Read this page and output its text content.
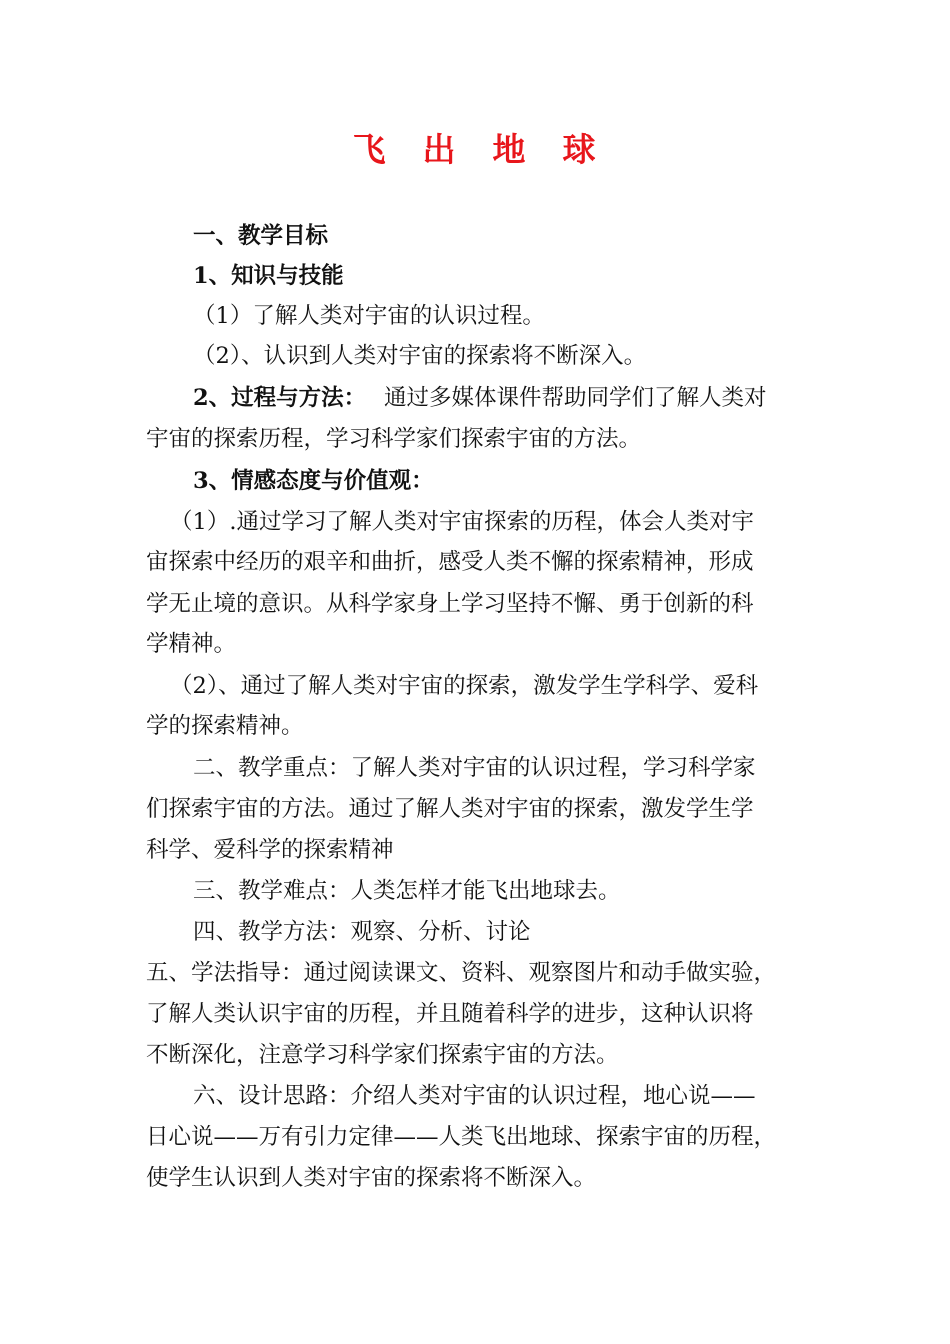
飞　出　地　球
一、教学目标
1、知识与技能
（1）了解人类对宇宙的认识过程。
（2）、认识到人类对宇宙的探索将不断深入。
2、过程与方法： 通过多媒体课件帮助同学们了解人类对
宇宙的探索历程，学习科学家们探索宇宙的方法。
3、情感态度与价值观：
（1）.通过学习了解人类对宇宙探索的历程，体会人类对宇
宙探索中经历的艰辛和曲折，感受人类不懈的探索精神，形成
学无止境的意识。从科学家身上学习坚持不懈、勇于创新的科
学精神。
（2）、通过了解人类对宇宙的探索，激发学生学科学、爱科
学的探索精神。
二、教学重点：了解人类对宇宙的认识过程，学习科学家
们探索宇宙的方法。通过了解人类对宇宙的探索，激发学生学
科学、爱科学的探索精神
三、教学难点：人类怎样才能飞出地球去。
四、教学方法：观察、分析、讨论
五、学法指导：通过阅读课文、资料、观察图片和动手做实验，
了解人类认识宇宙的历程，并且随着科学的进步，这种认识将
不断深化，注意学习科学家们探索宇宙的方法。
六、设计思路：介绍人类对宇宙的认识过程，地心说——
日心说——万有引力定律——人类飞出地球、探索宇宙的历程，
使学生认识到人类对宇宙的探索将不断深入。
